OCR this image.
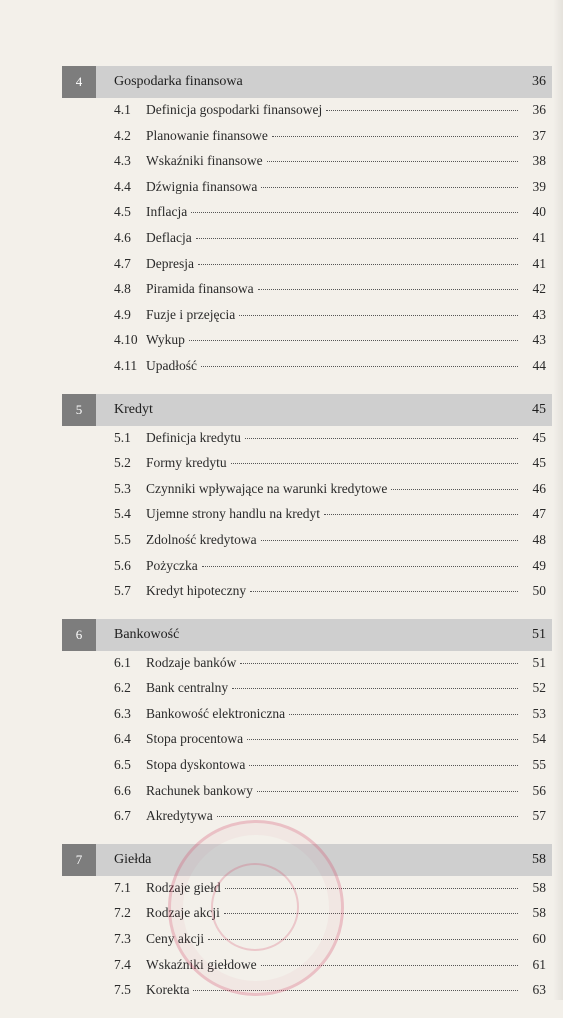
4	Gospodarka finansowa	36
4.1	Definicja gospodarki finansowej	36
4.2	Planowanie finansowe	37
4.3	Wskaźniki finansowe	38
4.4	Dźwignia finansowa	39
4.5	Inflacja	40
4.6	Deflacja	41
4.7	Depresja	41
4.8	Piramida finansowa	42
4.9	Fuzje i przejęcia	43
4.10 Wykup	43
4.11 Upadłość	44
5	Kredyt	45
5.1	Definicja kredytu	45
5.2	Formy kredytu	45
5.3	Czynniki wpływające na warunki kredytowe	46
5.4	Ujemne strony handlu na kredyt	47
5.5	Zdolność kredytowa	48
5.6	Pożyczka	49
5.7	Kredyt hipoteczny	50
6	Bankowość	51
6.1	Rodzaje banków	51
6.2	Bank centralny	52
6.3	Bankowość elektroniczna	53
6.4	Stopa procentowa	54
6.5	Stopa dyskontowa	55
6.6	Rachunek bankowy	56
6.7	Akredytywa	57
7	Giełda	58
7.1	Rodzaje giełd	58
7.2	Rodzaje akcji	58
7.3	Ceny akcji	60
7.4	Wskaźniki giełdowe	61
7.5	Korekta	63
